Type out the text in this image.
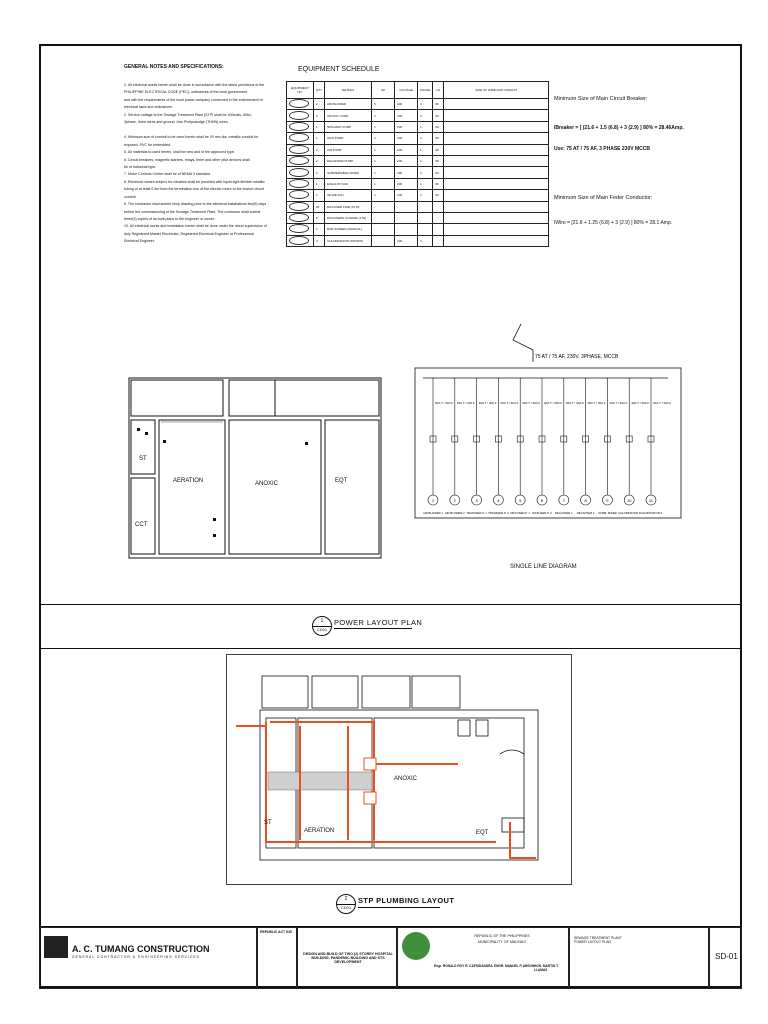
GENERAL NOTES AND SPECIFICATIONS:

1. All electrical works herein shall be done in accordance with the latest provisions of the

PHILIPPINE ELECTRICAL CODE (PEC), ordinances of the local government

and with the requirements of the local power company concerned in the enforcement of

electrical laws and ordinances.

2. Service voltage to the Sewage Treatment Plant (STP) shall be 400volts, 60hz,

3phase, three wires and ground. Use Phelpsdodge (THHN) wires.

4. Minimum size of conduit to be used herein shall be 20 mm dia. metallic conduit for

exposed. PVC for embedded.

5. All materials to used herein, shall be new and of the approved type.

6. Circuit breakers, magnetic starters, relays, timer and other pilot devices shall

be of industrial type.

7. Motor Controls Center shall be of NEMA 3 standard.

8. Electrical motors subject for vibration shall be provided with liquid tight flexible metallic

tubing of at least 0.4m from the termination box of the electric motor to the branch circuit

conduit.

9. The contractor shall submit shop drawing prior to the electrical installations five(5) days

before the commissioning of the Sewage Treatment Plant. The contractor shall submit

three(3) copies of as-built plans to the engineer or owner.

10. All electrical works and installation herein shall be done under the direct supervision of

duly Registered Master Electrician, Registered Electrical Engineer or Professional

Electrical Engineer.

EQUIPMENT SCHEDULE
EQUIPMENT NO.	QTY	DETAILS	HP	VOLTAGE	PHASE	Hz	SIZE OF WIRE AND CONDUIT
	2	AIR BLOWER	5	400	3	60	
	2	ANOXIC COMP	1	230	1	60	
	1	SPILLWAY PUMP	1	230	1	60	
	1	WAS PUMP	1	230	1	60	
	2	AIR PUMP	1	230	1	60	
	2	DECANTER PUMP	1	230	1	60	
	2	SUBMERSIBLE MIXER	1	400	3	60	
	1	EXHAUST FAN	1	230	1	60	
	1	INLINE FAN	1	230	1	60	
	30	DIFFUSER FINE (70 M)	-	-			
	6	DIFFUSERS COARSE (4 IN)	-	-			
	1	BAR SCREEN (MANUAL)	-	-			
	2	CHLORINATOR (DOSIPO)	-	230	1		
Minimum Size of Main Circuit Breaker:
IBreaker = [ (21.6 + 1.5 (6.8) + 3 (2.9) ] 80% = 28.46Amp.
Use: 75 AT / 75 AF, 3 PHASE 230V MCCB
Minimum Size of Main Feder Conductor:
IWire = [21.6 + 1.25 (6.8) + 3 (2.9) ] 80% = 28.1 Amp.
ST
CCT
AERATION	ANOXIC	EQT
75 AT / 75 AF, 230V, 3PHASE, MCCB
30A T / 30A F
1
AIR BLOWER 1
30A T / 30A F
2
AIR BLOWER 2
30A T / 30A F
3
TRANSFER P. 1
30A T / 30A F
4
TRANSFER P. 2
30A T / 30A F
5
DIFFUSER P. 1
30A T / 30A F
6
DIFFUSER P. 2
30A T / 30A F
7
DECANTER 1
30A T / 30A F
8
DECANTER 2
30A T / 30A F
9
SUMB. MIXER
30A T / 30A F
10
CHLORINATOR 1
30A T / 30A F
11
CHLORINATOR 2
SINGLE LINE DIAGRAM
1
CD01
POWER LAYOUT PLAN
ANOXIC
ST
AERATION	EQT
2
CD01
STP PLUMBING LAYOUT
A. C. TUMANG CONSTRUCTION
GENERAL CONTRACTOR & ENGINEERING SERVICES
REPUBLIC ACT 545
DESIGN AND BUILD OF TWO (2) STOREY HOSPITAL BUILDING, PANDEMIC BUILDING AND STS DEVELOPMENT
REPUBLIC OF THE PHILIPPINES
MUNICIPALITY OF MALINAO
Engr. RONALD ROY R. CAPSIDANDRA ENGR. MANUEL P. ABSON HON. MARTIN T. LLAMAS
SEWAGE TREATMENT PLANT POWER LAYOUT PLAN
SD-01
